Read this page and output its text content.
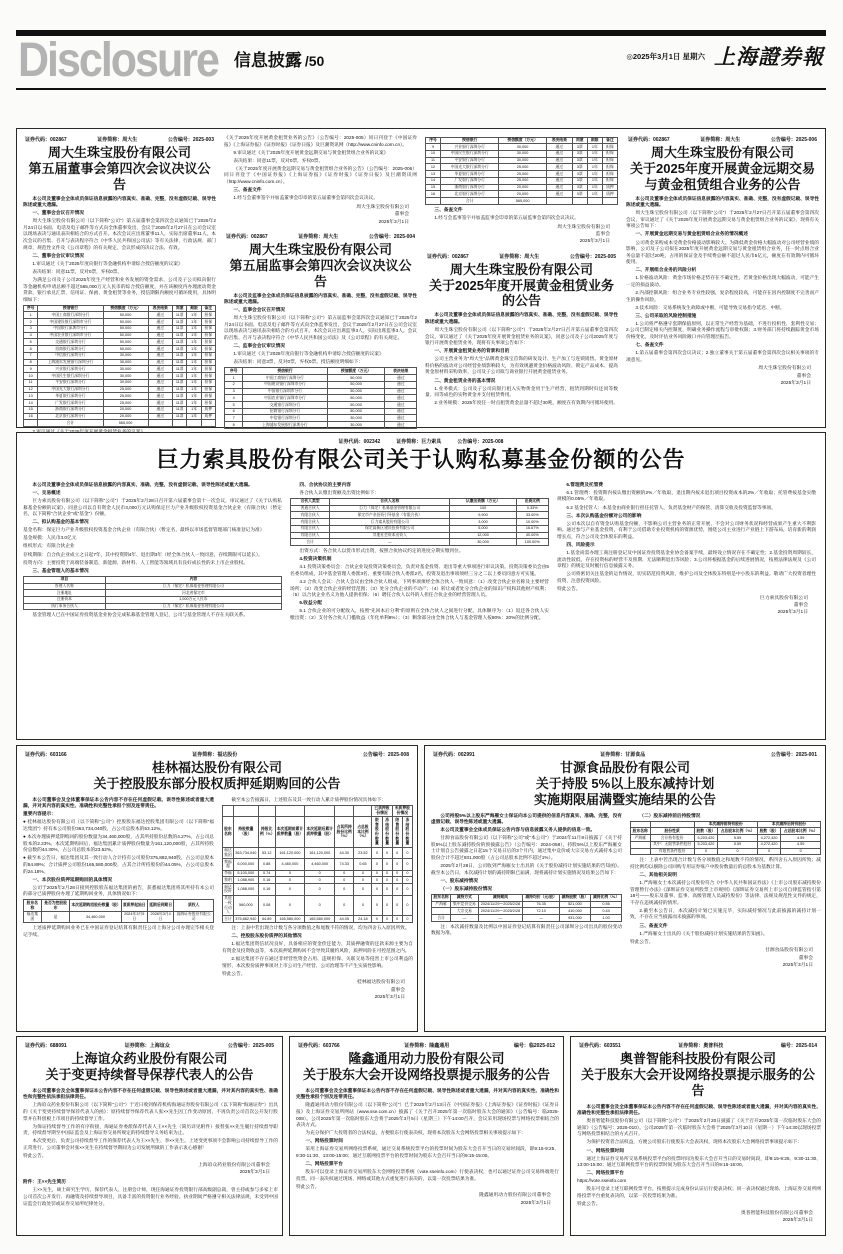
Disclosure 信息披露 /50	◎2025年3月1日 星期六 上海證券報
证券代码：002867	证券简称：周大生	公告编号：2025-003
周大生珠宝股份有限公司
第五届董事会第四次会议决议公告
本公司及董事会全体成员保证信息披露的内容真实、准确、完整，没有虚假记载、误导性陈述或重大遗漏。
一、董事会会议召开情况
周大生珠宝股份有限公司（以下简称“公司”）第五届董事会第四次会议通知已于2025年2月24日以书面、电话及电子邮件等方式向全体董事发出，会议于2025年2月27日在公司会议室以现场表决与通讯表决相结合的方式召开。本次会议应出席董事11人，实际出席董事11人。本次会议的召集、召开与表决程序符合《中华人民共和国公司法》等有关法律、行政法规、部门规章、规范性文件及《公司章程》的有关规定，会议形成的决议合法、有效。
二、董事会会议审议情况
1.审议通过《关于2025年度向银行等金融机构申请综合授信额度的议案》
表决结果：同意11票，反对0票，弃权0票。
为满足公司及子公司2025年度生产经营和业务发展的资金需求，公司及子公司拟向银行等金融机构申请总额不超过565,000万元人民币的综合授信额度，并在该额度内办理流动资金贷款、银行承兑汇票、信用证、保函、黄金租赁等业务，授信期限内额度可循环使用，具体明细如下：
序号	授信银行	授信额度（万元）	表决结果	同意	期限	备注
1	中国工商银行深圳分行	50,000	通过	11票	1年	担保
2	中国建设银行深圳市分行	50,000	通过	11票	1年	担保
3	中国银行深圳市分行	50,000	通过	11票	1年	担保
4	中国农业银行深圳市分行	50,000	通过	11票	1年	担保
5	交通银行深圳分行	50,000	通过	11票	1年	担保
6	招商银行深圳分行	50,000	通过	11票	1年	担保
7	中信银行深圳分行	30,000	通过	11票	1年	担保
8	上海浦东发展银行深圳分行	30,000	通过	11票	1年	担保
9	兴业银行深圳分行	30,000	通过	11票	1年	担保
10	中国民生银行深圳分行	30,000	通过	11票	1年	担保
11	平安银行深圳分行	30,000	通过	11票	1年	担保
12	中国光大银行深圳分行	25,000	通过	11票	1年	担保
13	华夏银行深圳分行	25,000	通过	11票	1年	担保
14	广发银行深圳分行	25,000	通过	11票	1年	担保
15	浙商银行深圳分行	20,000	通过	11票	1年	质押
16	北京银行深圳分行	20,000	通过	11票	1年	质押
	合计	565,000				
《关于2025年度开展黄金租赁业务的公告》（公告编号：2025-005）同日刊登于《中国证券报》《上海证券报》《证券时报》《证券日报》及巨潮资讯网（http://www.cninfo.com.cn）。
9.审议通过《关于2025年度开展黄金远期交易与黄金租赁组合业务的议案》
表决结果：同意11票，反对0票，弃权0票。
《关于2025年度开展黄金远期交易与黄金租赁组合业务的公告》（公告编号：2025-006）同日刊登于《中国证券报》《上海证券报》《证券时报》《证券日报》及巨潮资讯网（http://www.cninfo.com.cn）。
三、备查文件
1.经与会董事签字并加盖董事会印章的第五届董事会第四次会议决议。
周大生珠宝股份有限公司
董事会
2025年3月1日
证券代码：002867	证券简称：周大生	公告编号：2025-004
周大生珠宝股份有限公司
第五届监事会第四次会议决议公告
本公司及监事会全体成员保证信息披露的内容真实、准确、完整，没有虚假记载、误导性陈述或重大遗漏。
一、监事会会议召开情况
周大生珠宝股份有限公司（以下简称“公司”）第五届监事会第四次会议通知已于2025年2月24日以书面、电话及电子邮件等方式向全体监事发出，会议于2025年2月27日在公司会议室以现场表决与通讯表决相结合的方式召开。本次会议应出席监事3人，实际出席监事3人。会议的召集、召开与表决程序符合《中华人民共和国公司法》及《公司章程》的有关规定。
二、监事会会议审议情况
1.审议通过《关于2025年度向银行等金融机构申请综合授信额度的议案》
表决结果：同意3票，反对0票，弃权0票。授信额度明细如下：
序号	授信银行	授信额度（万元）	表决结果
1	中国工商银行深圳分行	50,000	通过
2	中国建设银行深圳市分行	50,000	通过
3	中国银行深圳市分行	50,000	通过
4	中国农业银行深圳市分行	50,000	通过
5	交通银行深圳分行	50,000	通过
6	招商银行深圳分行	50,000	通过
7	中信银行深圳分行	30,000	通过
8	上海浦东发展银行深圳分行	30,000	通过
序号	授信银行	授信额度（万元）	表决结果	同意	期限	备注
9	兴业银行深圳分行	30,000	通过	3票	1年	担保
10	中国民生银行深圳分行	30,000	通过	3票	1年	担保
11	平安银行深圳分行	30,000	通过	3票	1年	担保
12	中国光大银行深圳分行	25,000	通过	3票	1年	担保
13	华夏银行深圳分行	25,000	通过	3票	1年	担保
14	广发银行深圳分行	25,000	通过	3票	1年	担保
15	浙商银行深圳分行	20,000	通过	3票	1年	质押
16	北京银行深圳分行	20,000	通过	3票	1年	质押
	合计	565,000				
三、备查文件
1.经与会监事签字并加盖监事会印章的第五届监事会第四次会议决议。
周大生珠宝股份有限公司
监事会
2025年3月1日
证券代码：002867	证券简称：周大生	公告编号：2025-005
周大生珠宝股份有限公司
关于2025年度开展黄金租赁业务的公告
本公司及董事会全体成员保证信息披露的内容真实、准确、完整，没有虚假记载、误导性陈述或重大遗漏。
周大生珠宝股份有限公司（以下简称“公司”）于2025年2月27日召开第五届董事会第四次会议，审议通过了《关于2025年度开展黄金租赁业务的议案》，同意公司及子公司2025年度与银行开展黄金租赁业务，现将有关事项公告如下：
一、开展黄金租赁业务的背景和目的
公司主营业务为“周大生”品牌黄金珠宝首饰的研发设计、生产加工与连锁销售。黄金原材料价格的波动对公司经营业绩影响较大，为有效规避黄金价格波动风险、锁定产品成本、提高黄金原材料采购效率，公司及子公司拟与商业银行开展黄金租赁业务。
二、黄金租赁业务的基本情况
1.业务模式：公司及子公司向银行租入实物黄金用于生产经营，租赁到期时归还同等数量、同等成色的实物黄金并支付租赁费用。
2.业务规模：2025年度任一时点租赁黄金总量不超过30吨，额度在有效期内可循环使用。
证券代码：002867	证券简称：周大生	公告编号：2025-006
周大生珠宝股份有限公司
关于2025年度开展黄金远期交易
与黄金租赁组合业务的公告
本公司及董事会全体成员保证信息披露的内容真实、准确、完整，没有虚假记载、误导性陈述或重大遗漏。
周大生珠宝股份有限公司（以下简称“公司”）于2025年2月27日召开第五届董事会第四次会议，审议通过了《关于2025年度开展黄金远期交易与黄金租赁组合业务的议案》，现将有关事项公告如下：
一、开展黄金远期交易与黄金租赁组合业务的情况概述
公司黄金采购成本受黄金价格波动影响较大。为降低黄金价格大幅波动对公司经营业绩的影响，公司及子公司拟在2025年度开展黄金远期交易与黄金租赁组合业务，任一时点组合业务总量不超过20吨，占用的保证金及手续费总额不超过人民币5亿元，额度在有效期内可循环使用。
二、开展组合业务的风险分析
1.价格波动风险：黄金市场价格走势存在不确定性，若黄金价格出现大幅波动，可能产生一定的损益波动。
2.内部控制风险：组合业务专业性较强，复杂程度较高，可能存在因内控制度不完善而产生的操作风险。
3.技术风险：交易系统发生故障或中断，可能导致交易指令延迟、中断。
三、公司采取的风险控制措施
1.公司将严格遵守套期保值原则，以正常生产经营为基础，不进行投机性、套利性交易；2.公司已制定相关内控制度，明确业务操作流程与审批权限；3.财务部门将持续跟踪黄金市场价格变化，及时评估业务风险敞口并向管理层报告。
七、备查文件
1.第五届董事会第四次会议决议；2.独立董事关于第五届董事会第四次会议相关事项的专项意见。
周大生珠宝股份有限公司
董事会
2025年3月1日
证券代码：002342	证券简称：巨力索具	公告编号：2025-008
巨力索具股份有限公司关于认购私募基金份额的公告
本公司及董事会全体成员保证信息披露的内容真实、准确、完整，没有虚假记载、误导性陈述或重大遗漏。
一、交易概述
巨力索具股份有限公司（以下简称“公司”）于2025年2月28日召开第六届董事会第十一次会议，审议通过了《关于认购私募基金份额的议案》，同意公司以自有资金人民币3,000万元认购保定巨力产业升级股权投资基金合伙企业（有限合伙）（暂定名，以下简称“合伙企业”或“基金”）份额。
二、拟认购基金的基本情况
基金名称：保定巨力产业升级股权投资基金合伙企业（有限合伙）（暂定名，最终以市场监督管理部门核准登记为准）
基金规模：人民币3.0亿元
组织形式：有限合伙企业
存续期限：自合伙企业成立之日起7年，其中投资期4年、退出期3年（经全体合伙人一致同意，存续期限可以延长）。
投资方向：主要投资于高端装备制造、新能源、新材料、人工智能等领域具有良好成长性的未上市企业股权。
三、基金管理人的基本情况
项目	内容
管理人名称	巨力（保定）私募基金管理有限公司
注册地址	河北省保定市
注册资本	1,000万元人民币
执行事务合伙人	巨力（保定）私募基金管理有限公司
基金管理人已在中国证券投资基金业协会完成私募基金管理人登记，公司与基金管理人不存在关联关系。
四、合伙协议的主要内容
各合伙人认缴出资额及出资比例如下：
合伙人类型	合伙人名称	认缴出资额（万元）	出资比例
普通合伙人	巨力（保定）私募基金管理有限公司	100	0.33%
有限合伙人	保定市产业投资引导基金（有限合伙）	9,900	33.00%
有限合伙人	巨力索具股份有限公司	3,000	10.00%
有限合伙人	保定高新区建设投资有限公司	5,000	16.67%
有限合伙人	其他社会资本出资人	12,000	40.00%
合计	—	30,000	100.00%
出资方式：各合伙人以货币形式出资，按照合伙协议约定的进度分期实缴到位。
4.投资决策机制
4.1 投资决策委员会：合伙企业设投资决策委员会，负责对基金投资、退出等重大事项进行审议决策。投资决策委员会由5名委员组成，其中基金管理人委派3名、重要有限合伙人委派2名，投资及退出事项须经三分之二以上委员同意方可实施。
4.2 合伙人会议：合伙人会议由全体合伙人组成，下列事项须经全体合伙人一致同意：（1）改变合伙企业名称及主要经营场所；（2）改变合伙企业的经营范围；（3）处分合伙企业的不动产；（4）转让或者处分合伙企业的知识产权和其他财产权利；（5）以合伙企业名义为他人提供担保；（6）聘任合伙人以外的人担任合伙企业的经营管理人员。
5.收益分配
5.1 合伙企业的可分配收入，按照“先回本后分利”的原则在全体合伙人之间进行分配，具体顺序为：（1）返还各合伙人实缴出资；（2）支付各合伙人门槛收益（年化单利8%）；（3）剩余部分由全体合伙人与基金管理人按80%：20%的比例分配。
6.管理费及托管费
6.1 管理费：投资期内按认缴出资额的2%／年收取，退出期内按未退出项目投资成本的2%／年收取；托管费按基金实缴规模的0.05%／年收取。
6.2 基金托管人：本基金由商业银行担任托管人，负责基金财产的保管、清算交收及投资监督等事项。
三、本次认购基金份额对公司的影响
公司本次以自有资金认购基金份额，不影响公司主营业务的正常开展，不会对公司财务状况和经营成果产生重大不利影响。通过参与产业基金投资，有利于公司借助专业投资机构的资源优势，围绕公司主业进行产业链上下游布局，培育新的利润增长点，符合公司及全体股东的利益。
四、风险提示
1.基金尚需办理工商注册登记及中国证券投资基金业协会备案手续，最终设立情况存在不确定性；2.基金投资周期较长，流动性较低，存在投资标的经营不及预期、无法顺利退出等风险；3.公司将根据基金的后续进展情况，按照法律法规及《公司章程》的规定及时履行信息披露义务。
公司将密切关注基金的运作情况，切实防范投资风险，维护公司及全体股东特别是中小股东的利益。敬请广大投资者理性投资，注意投资风险。
特此公告。
巨力索具股份有限公司
董事会
2025年3月1日
证券代码：603166	证券简称：福达股份	公告编号：2025-008
桂林福达股份有限公司
关于控股股东部分股权质押延期购回的公告
本公司董事会及全体董事保证本公告内容不存在任何虚假记载、误导性陈述或者重大遗漏，并对其内容的真实性、准确性和完整性承担个别及连带责任。
重要内容提示：
● 桂林福达股份有限公司（以下简称“公司”）控股股东福达控股集团有限公司（以下简称“福达集团”）持有本公司股份363,734,040股，占公司总股本的53.12%。
● 本次办理质押延期购回的股份数量为34,460,000股，占其所持股份总数的4.27%，占公司总股本的2.23%。本次延期购回后，福达集团累计质押股份数量为161,120,000股，占其所持股份总数的44.30%，占公司总股本的23.52%。
● 截至本公告日，福达集团及其一致行动人合计持有公司股份375,882,940股，占公司总股本的54.89%；合计质押公司股份165,580,000股，占其合计所持股份的44.05%，占公司总股本的24.18%。
一、本次股份质押延期购回的具体情况
公司于2025年2月28日接到控股股东福达集团的函告，获悉福达集团将其所持有本公司的部分已质押股份办理了延期购回业务，具体情况如下：
股东名称	是否为控股股东	本次延期购回股份数量（股）	原质押起始日	延期后到期日	质权人
福达集团	是	34,460,000	2024年3月5日	2026年3月4日	国海证券股份有限公司
上述质押延期购回业务已在中国证券登记结算有限责任公司上海分公司办理完毕相关登记手续。
截至本公告披露日，上述股东及其一致行动人累计质押股份情况具体如下：
							已质押股份情况		未质押股份情况	
股东名称	持股数量（股）	持股比例（%）	本次延期前累计质押数量（股）	本次延期后累计质押数量（股）	占其所持股份比例（%）	占总股本比例（%）	限售股份数量	冻结股份数量	限售股份数量	冻结股份数量
福达集团	363,734,040	53.12	161,120,000	161,120,000	44.30	23.52	0	0	0	0
黎福超	6,000,000	0.88	4,460,000	4,460,000	74.33	0.65	0	0	0	0
李福	5,100,000	0.74	0	0	0	0	0	0	0	0
黎明	1,088,900	0.16	0	0	0	0	0	0	0	0
福达投资	1,088,000	0.16	0	0	0	0	0	0	0	0
其他一致行动人	560,000	0.08	0	0	0	0	0	0	0	0
合计	375,882,940	54.89	165,580,000	165,580,000	44.05	24.18	0	0	0	0
注：上表中若出现合计数与各分项数值之和尾数不符的情况，均为四舍五入原因所致。
二、控股股东股份质押的其他情况
1.福达集团资信状况良好，具备相应的资金偿还能力，其质押融资的还款来源主要为自有资金及投资收益等，本次质押延期购回不会导致其履约风险，质押风险在可控范围之内。
2.福达集团不存在通过非经营性资金占用、违规担保、关联交易等侵害上市公司利益的情形，本次股份质押事项对上市公司生产经营、公司治理等不产生实质性影响。
特此公告。
桂林福达股份有限公司
董事会
2025年3月1日
证券代码：002991	证券简称：甘源食品	公告编号：2025-001
甘源食品股份有限公司
关于持股 5%以上股东减持计划
实施期限届满暨实施结果的公告
公司持股5%以上股东严海雁女士保证向本公司提供的信息内容真实、准确、完整，没有虚假记载、误导性陈述或重大遗漏。
本公司及董事会全体成员保证公告内容与信息披露义务人提供的信息一致。
甘源食品股份有限公司（以下简称“公司”或“本公司”）于2024年11月8日披露了《关于持股5%以上股东减持股份的预披露公告》（公告编号：2024-058），持股5%以上股东严海雁女士计划自公告披露之日起15个交易日后的3个月内，通过集中竞价或大宗交易方式减持本公司股份合计不超过931,000股（占公司总股本比例不超过1%）。
2025年2月28日，公司收到严海雁女士出具的《关于股份减持计划实施结果的告知函》。截至本公告日，本次减持计划的减持期限已届满，现将减持计划实施情况及结果公告如下：
一、股东减持情况
（一）股东减持股份情况
股东名称	减持方式	减持期间	减持均价（元/股）	减持股数（股）	减持比例（%）
严海雁	集中竞价交易	2024/11/29～2025/2/28	76.35	521,000	0.56
	大宗交易	2024/11/29～2025/2/28	72.10	410,000	0.44
合计	—	—	—	931,000	1.00
注：本次减持数量及比例以中国证券登记结算有限责任公司深圳分公司出具的股份变动数据为准。
（二）股东减持前后持股情况
		本次减持前持有股份		本次减持后持有股份	
股东名称	股份性质	股数（股）	占总股本比例（%）	股数（股）	占总股本比例（%）
严海雁	合计持有股份	5,203,420	5.59	4,272,420	4.59
	其中：无限售条件股份	5,203,420	5.59	4,272,420	4.59
	有限售条件股份	0	0	0	0
注：上表中若出现合计数与各分项数值之和尾数不符的情况，系四舍五入原因所致；减持比例均以剔除公司回购专用证券账户中股份数量后的总股本为基数计算。
二、其他相关说明
1.严海雁女士本次减持公司股份符合《中华人民共和国证券法》《上市公司股东减持股份管理暂行办法》《深圳证券交易所股票上市规则》《深圳证券交易所上市公司自律监管指引第18号——股东及董事、监事、高级管理人员减持股份》等法律、法规及规范性文件的规定，不存在违规减持的情形。
2.截至本公告日，本次减持计划已实施完毕，实际减持情况与此前披露的减持计划一致，不存在应当披露而未披露的事项。
三、备查文件
1.严海雁女士出具的《关于股份减持计划实施结果的告知函》。
特此公告。
甘源食品股份有限公司
董事会
2025年3月1日
证券代码：688091	证券简称：上海谊众	公告编号：2025-005
上海谊众药业股份有限公司
关于变更持续督导保荐代表人的公告
本公司董事会及全体董事保证本公告内容不存在任何虚假记载、误导性陈述或者重大遗漏，并对其内容的真实性、准确性和完整性依法承担法律责任。
上海谊众药业股份有限公司（以下简称“公司”）于近日收到保荐机构海通证券股份有限公司（以下简称“海通证券”）出具的《关于变更持续督导保荐代表人的函》：原持续督导保荐代表人张××先生因工作变动原因，不再负责公司首次公开发行股票并在科创板上市项目的持续督导工作。
为保证持续督导工作的有序衔接，海通证券委派保荐代表人王××先生（简历详见附件）接替张××先生履行持续督导职责，持续督导期至中国证监会及上海证券交易所规定的持续督导义务结束为止。
本次变更后，负责公司持续督导工作的保荐代表人为王××先生、李××先生。上述变更事项不会影响公司持续督导工作的正常进行。公司董事会对张××先生在持续督导期间为公司发展所做的工作表示衷心感谢！
特此公告。
上海谊众药业股份有限公司董事会
2025年3月1日
附件：王××先生简历
王××先生，硕士研究生学历，保荐代表人、注册会计师，现任海通证券投资银行部高级副总裁，曾主持或参与多家上市公司首次公开发行、再融资及持续督导项目，具备丰富的投资银行业务经验。执业期间严格遵守相关法律法规，未受到中国证监会行政处罚或证券交易所纪律处分。
证券代码：603766	证券简称：隆鑫通用	编号：临2025-012
隆鑫通用动力股份有限公司
关于股东大会开设网络投票提示服务的公告
本公司董事会及全体董事保证本公告内容不存在任何虚假记载、误导性陈述或者重大遗漏，并对其内容的真实性、准确性和完整性承担个别及连带责任。
隆鑫通用动力股份有限公司（以下简称“公司”）已于2025年2月13日在《中国证券报》《上海证券报》《证券时报》《证券日报》及上海证券交易所网站（www.sse.com.cn）披露了《关于召开2025年第一次临时股东大会的通知》（公告编号：临2025-008）。公司2025年第一次临时股东大会将于2025年3月5日（星期三）下午14:00召开，会议采用现场投票与网络投票相结合的表决方式。
为充分保护广大投资者的合法权益，方便股东行使表决权，现将本次股东大会网络投票相关事项提示如下：
一、网络投票时间
采用上海证券交易所网络投票系统，通过交易系统投票平台的投票时间为股东大会召开当日的交易时间段，即9:15-9:25、9:30-11:30、13:00-15:00；通过互联网投票平台的投票时间为股东大会召开当日的9:15-15:00。
二、网络投票平台
股东可以登录上海证券交易所股东大会网络投票系统（vote.sseinfo.com）行使表决权，也可以通过证券公司交易终端进行投票。同一表决权通过现场、网络或其他方式重复进行表决的，以第一次投票结果为准。
特此公告。
隆鑫通用动力股份有限公司董事会
2025年3月1日
证券代码：603551	证券简称：奥普科技	编号：2025-014
奥普智能科技股份有限公司
关于股东大会开设网络投票提示服务的公告
本公司董事会及全体董事保证本公告内容不存在任何虚假记载、误导性陈述或者重大遗漏，并对其内容的真实性、准确性和完整性承担法律责任。
奥普智能科技股份有限公司（以下简称“公司”）于2025年2月20日披露了《关于召开2025年第一次临时股东大会的通知》（公告编号：2025-010）。公司2025年第一次临时股东大会将于2025年3月10日（星期一）下午14:30以现场投票与网络投票相结合的方式召开。
为保护投资者合法权益，方便公司股东行使股东大会表决权，现将本次股东大会网络投票事项提示如下：
一、网络投票时间
通过上海证券交易所交易系统投票平台的投票时间为股东大会召开当日的交易时间段，即9:15-9:25、9:30-11:30、13:00-15:00；通过互联网投票平台的投票时间为股东大会召开当日的9:15-15:00。
二、网络投票平台
https://vote.sseinfo.com
股东可登录上述互联网投票平台，按照提示完成身份认证后行使表决权；同一表决权通过现场、上海证券交易所网络投票平台重复表决的，以第一次投票结果为准。
特此公告。
奥普智能科技股份有限公司董事会
2025年3月1日
